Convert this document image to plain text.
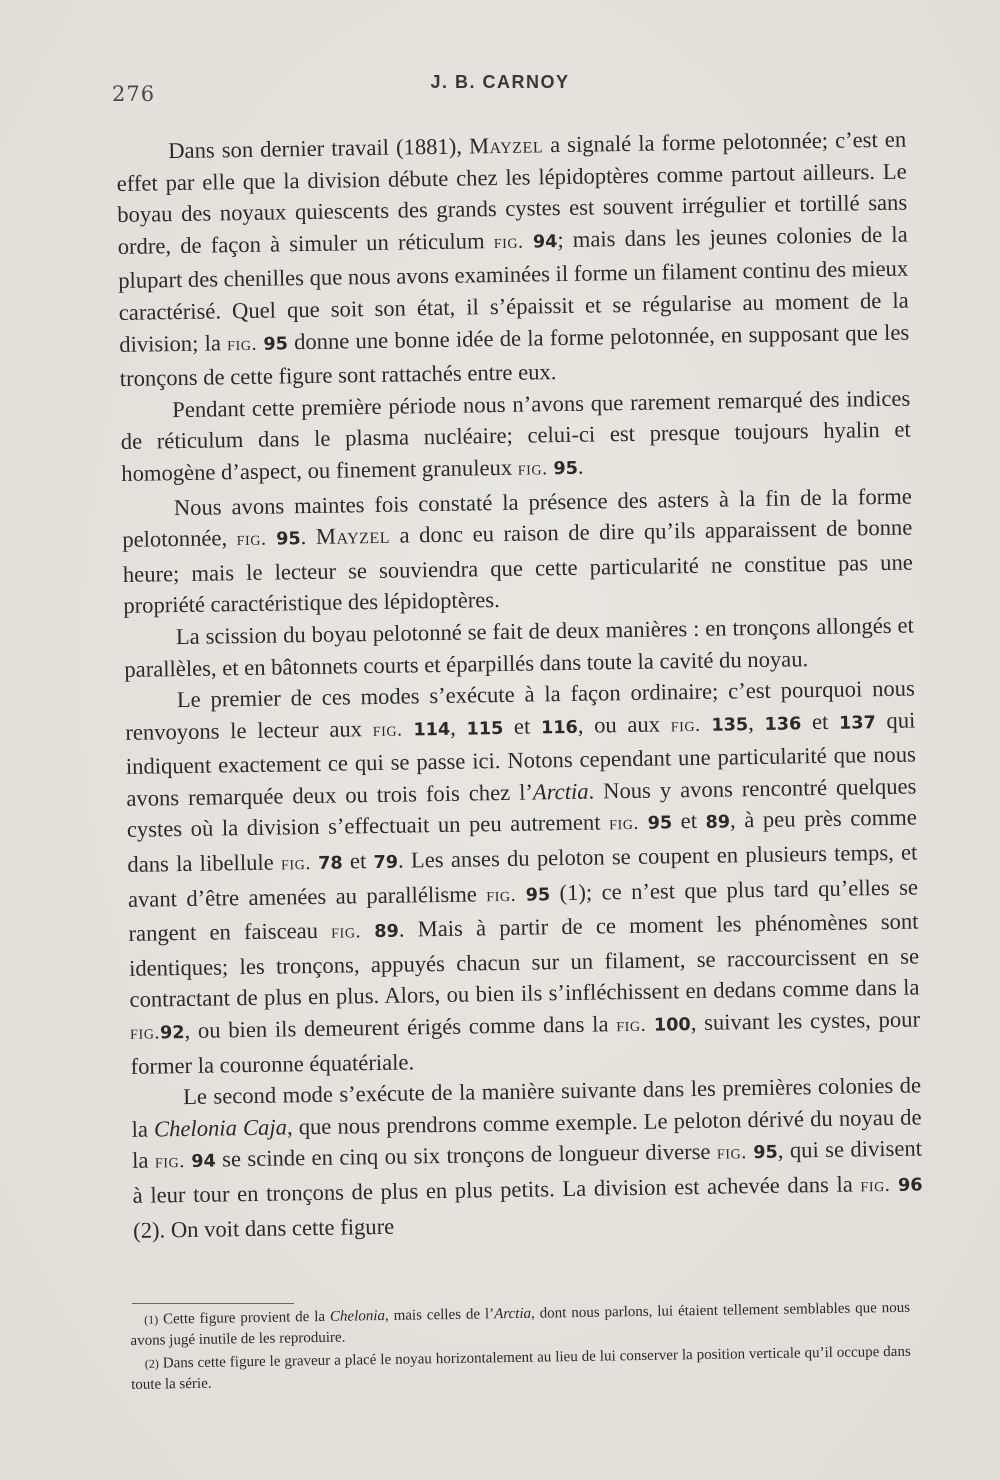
276	J. B. CARNOY

Dans son dernier travail (1881), Mayzel a signalé la forme pelotonnée; c’est en effet par elle que la division débute chez les lépidoptères comme partout ailleurs. Le boyau des noyaux quiescents des grands cystes est souvent irrégulier et tortillé sans ordre, de façon à simuler un réticulum fig. 94; mais dans les jeunes colonies de la plupart des chenilles que nous avons examinées il forme un filament continu des mieux caractérisé. Quel que soit son état, il s’épaissit et se régularise au moment de la division; la fig. 95 donne une bonne idée de la forme pelotonnée, en supposant que les tronçons de cette figure sont rattachés entre eux.

Pendant cette première période nous n’avons que rarement remarqué des indices de réticulum dans le plasma nucléaire; celui-ci est presque toujours hyalin et homogène d’aspect, ou finement granuleux fig. 95.

Nous avons maintes fois constaté la présence des asters à la fin de la forme pelotonnée, fig. 95. Mayzel a donc eu raison de dire qu’ils apparaissent de bonne heure; mais le lecteur se souviendra que cette particularité ne constitue pas une propriété caractéristique des lépidoptères.

La scission du boyau pelotonné se fait de deux manières : en tronçons allongés et parallèles, et en bâtonnets courts et éparpillés dans toute la cavité du noyau.

Le premier de ces modes s’exécute à la façon ordinaire; c’est pourquoi nous renvoyons le lecteur aux fig. 114, 115 et 116, ou aux fig. 135, 136 et 137 qui indiquent exactement ce qui se passe ici. Notons cependant une particularité que nous avons remarquée deux ou trois fois chez l’Arctia. Nous y avons rencontré quelques cystes où la division s’effectuait un peu autrement fig. 95 et 89, à peu près comme dans la libellule fig. 78 et 79. Les anses du peloton se coupent en plusieurs temps, et avant d’être amenées au parallélisme fig. 95 (1); ce n’est que plus tard qu’elles se rangent en faisceau fig. 89. Mais à partir de ce moment les phénomènes sont identiques; les tronçons, appuyés chacun sur un filament, se raccourcissent en se contractant de plus en plus. Alors, ou bien ils s’infléchissent en dedans comme dans la fig.92, ou bien ils demeurent érigés comme dans la fig. 100, suivant les cystes, pour former la couronne équatériale.

Le second mode s’exécute de la manière suivante dans les premières colonies de la Chelonia Caja, que nous prendrons comme exemple. Le peloton dérivé du noyau de la fig. 94 se scinde en cinq ou six tronçons de longueur diverse fig. 95, qui se divisent à leur tour en tronçons de plus en plus petits. La division est achevée dans la fig. 96 (2). On voit dans cette figure

(1) Cette figure provient de la Chelonia, mais celles de l’Arctia, dont nous parlons, lui étaient tellement semblables que nous avons jugé inutile de les reproduire.

(2) Dans cette figure le graveur a placé le noyau horizontalement au lieu de lui conserver la position verticale qu’il occupe dans toute la série.
